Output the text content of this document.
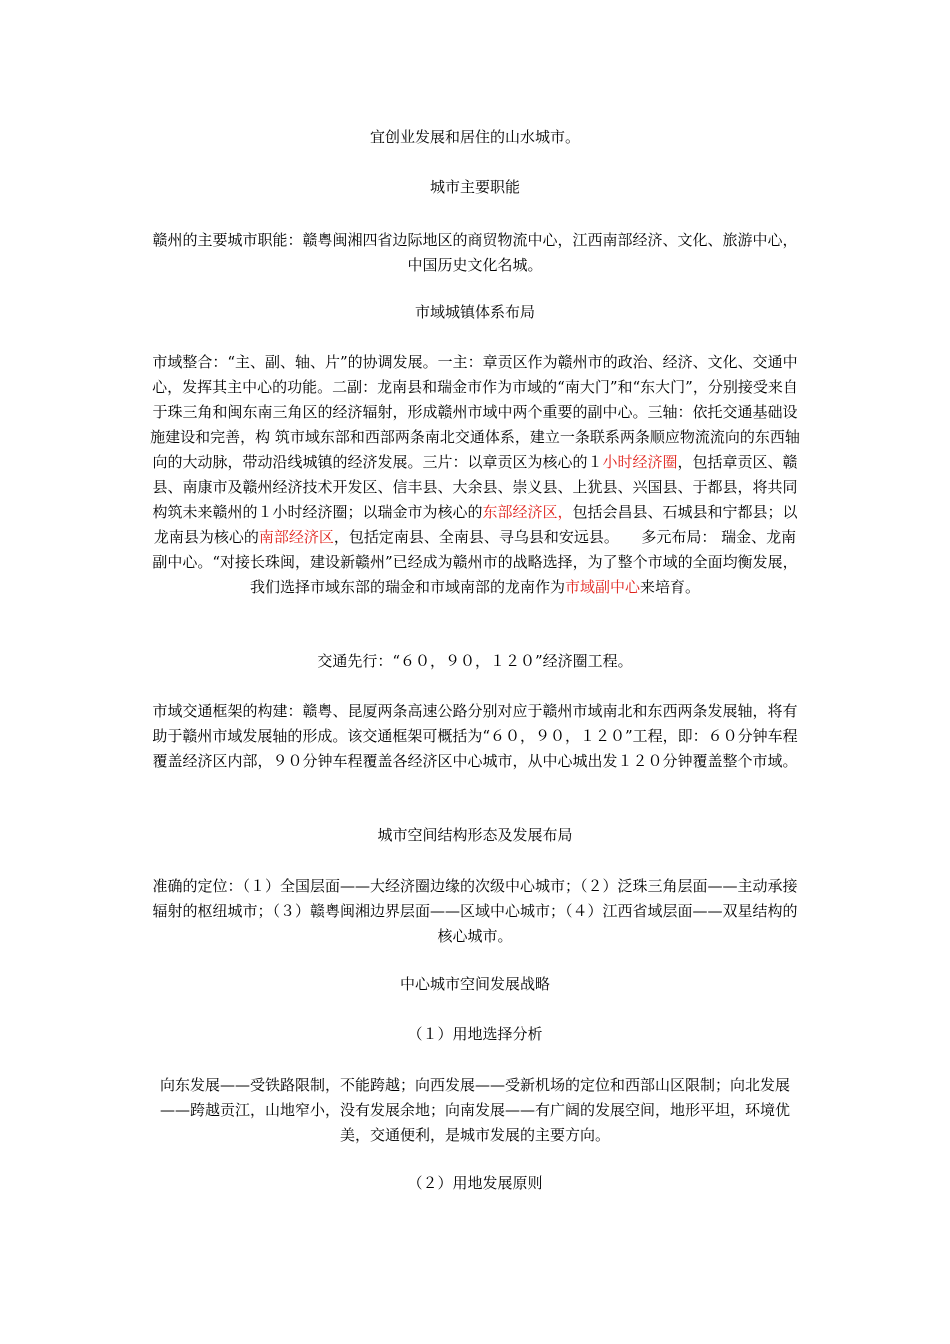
宜创业发展和居住的山水城市。
城市主要职能
赣州的主要城市职能：赣粤闽湘四省边际地区的商贸物流中心，江西南部经济、文化、旅游中心，中国历史文化名城。
市域城镇体系布局
市域整合：“主、副、轴、片”的协调发展。一主：章贡区作为赣州市的政治、经济、文化、交通中心，发挥其主中心的功能。二副：龙南县和瑞金市作为市域的“南大门”和“东大门”，分别接受来自于珠三角和闽东南三角区的经济辐射，形成赣州市域中两个重要的副中心。三轴：依托交通基础设施建设和完善，构 筑市域东部和西部两条南北交通体系，建立一条联系两条顺应物流流向的东西轴向的大动脉，带动沿线城镇的经济发展。三片：以章贡区为核心的１小时经济圈，包括章贡区、赣县、南康市及赣州经济技术开发区、信丰县、大余县、崇义县、上犹县、兴国县、于都县，将共同构筑未来赣州的１小时经济圈；以瑞金市为核心的东部经济区，包括会昌县、石城县和宁都县；以龙南县为核心的南部经济区，包括定南县、全南县、寻乌县和安远县。　　多元布局： 瑞金、龙南副中心。“对接长珠闽，建设新赣州”已经成为赣州市的战略选择，为了整个市域的全面均衡发展，我们选择市域东部的瑞金和市域南部的龙南作为市域副中心来培育。
交通先行：“６０，９０，１２０”经济圈工程。
市域交通框架的构建：赣粤、昆厦两条高速公路分别对应于赣州市域南北和东西两条发展轴，将有助于赣州市域发展轴的形成。该交通框架可概括为“６０，９０，１２０”工程，即：６０分钟车程覆盖经济区内部，９０分钟车程覆盖各经济区中心城市，从中心城出发１２０分钟覆盖整个市域。
城市空间结构形态及发展布局
准确的定位：（１）全国层面——大经济圈边缘的次级中心城市；（２）泛珠三角层面——主动承接辐射的枢纽城市；（３）赣粤闽湘边界层面——区域中心城市；（４）江西省域层面——双星结构的核心城市。
中心城市空间发展战略
（１）用地选择分析
向东发展——受铁路限制，不能跨越；向西发展——受新机场的定位和西部山区限制；向北发展——跨越贡江，山地窄小，没有发展余地；向南发展——有广阔的发展空间，地形平坦，环境优美，交通便利，是城市发展的主要方向。
（２）用地发展原则
